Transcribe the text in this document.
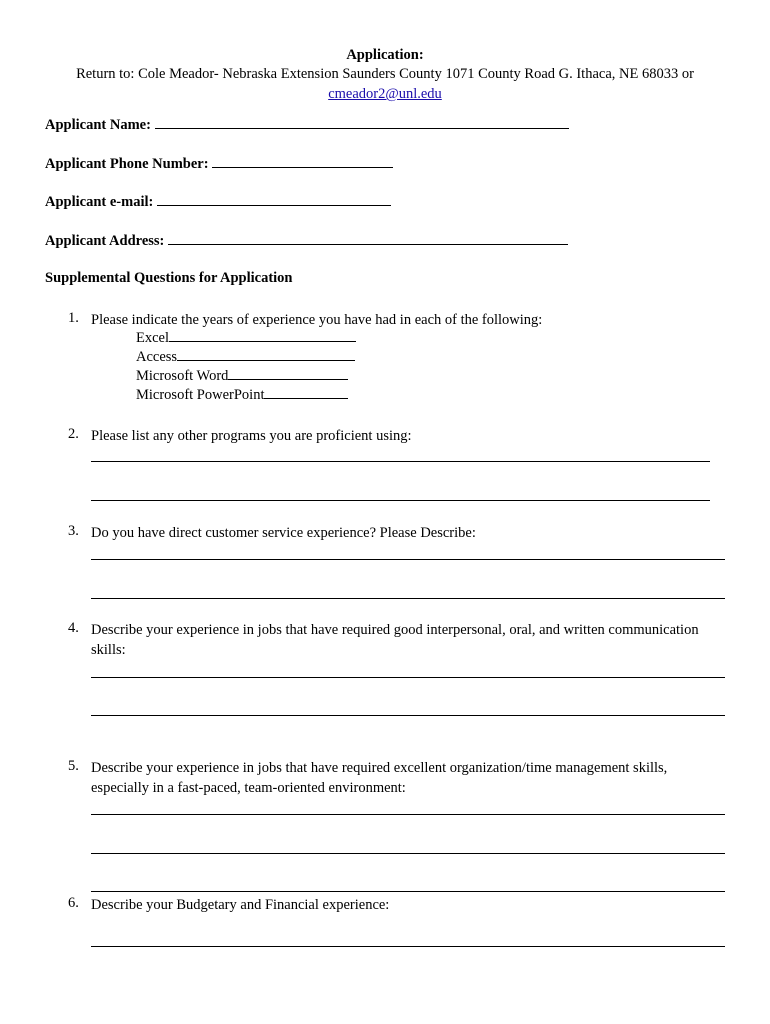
Application:
Return to: Cole Meador- Nebraska Extension Saunders County 1071 County Road G. Ithaca, NE 68033 or
cmeador2@unl.edu
Applicant Name:
Applicant Phone Number:
Applicant e-mail:
Applicant Address:
Supplemental Questions for Application
1. Please indicate the years of experience you have had in each of the following:
Excel
Access
Microsoft Word
Microsoft PowerPoint
2. Please list any other programs you are proficient using:
3. Do you have direct customer service experience? Please Describe:
4. Describe your experience in jobs that have required good interpersonal, oral, and written communication skills:
5. Describe your experience in jobs that have required excellent organization/time management skills, especially in a fast-paced, team-oriented environment:
6. Describe your Budgetary and Financial experience:
